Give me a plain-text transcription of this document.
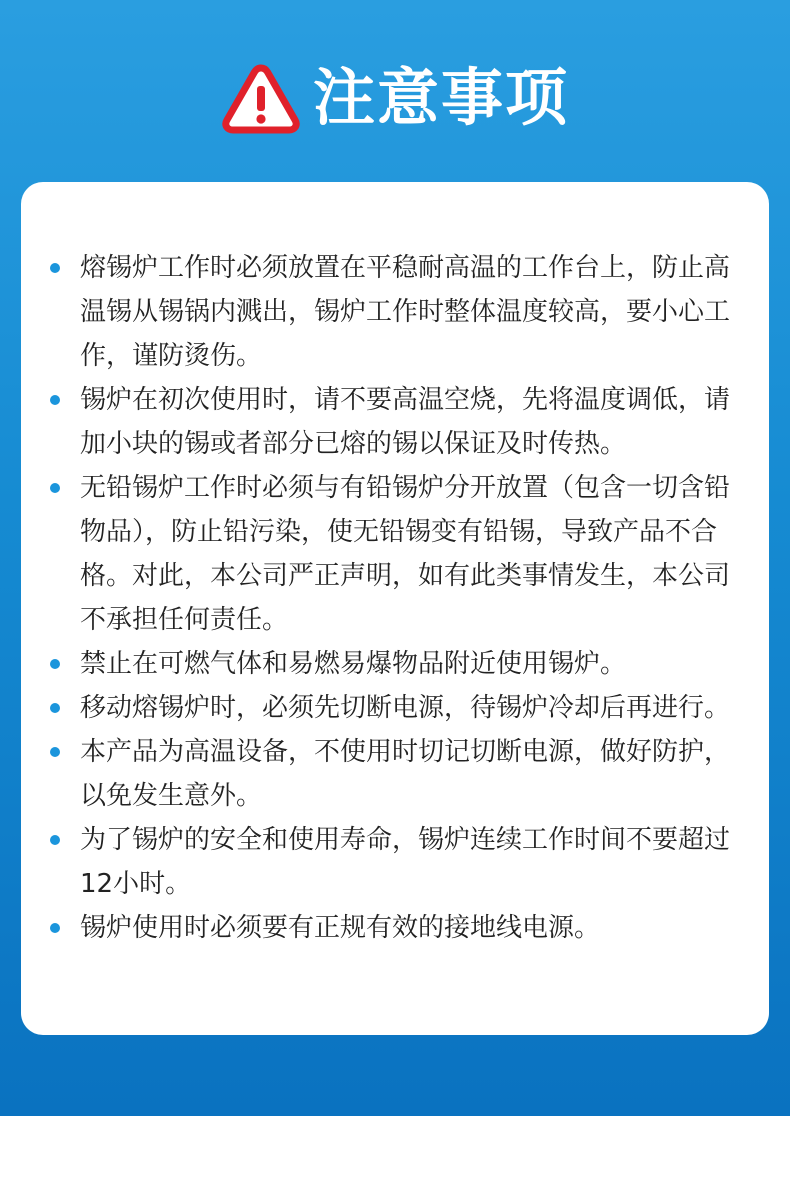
注意事项
熔锡炉工作时必须放置在平稳耐高温的工作台上，防止高温锡从锡锅内溅出，锡炉工作时整体温度较高，要小心工作，谨防烫伤。
锡炉在初次使用时，请不要高温空烧，先将温度调低，请加小块的锡或者部分已熔的锡以保证及时传热。
无铅锡炉工作时必须与有铅锡炉分开放置（包含一切含铅物品），防止铅污染，使无铅锡变有铅锡，导致产品不合格。对此，本公司严正声明，如有此类事情发生，本公司不承担任何责任。
禁止在可燃气体和易燃易爆物品附近使用锡炉。
移动熔锡炉时，必须先切断电源，待锡炉冷却后再进行。
本产品为高温设备，不使用时切记切断电源，做好防护，以免发生意外。
为了锡炉的安全和使用寿命，锡炉连续工作时间不要超过12小时。
锡炉使用时必须要有正规有效的接地线电源。
